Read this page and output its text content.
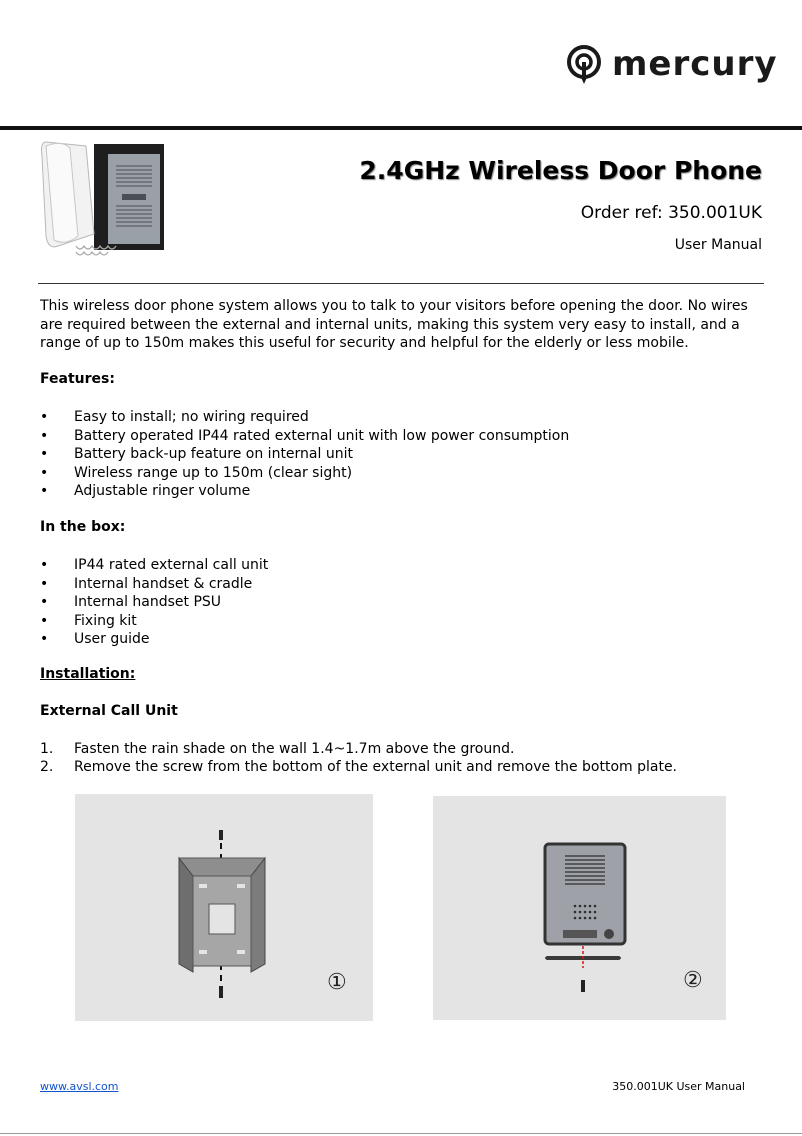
mercury
2.4GHz Wireless Door Phone
Order ref: 350.001UK
User Manual
This wireless door phone system allows you to talk to your visitors before opening the door. No wires are required between the external and internal units, making this system very easy to install, and a range of up to 150m makes this useful for security and helpful for the elderly or less mobile.
Features:
• Easy to install; no wiring required
• Battery operated IP44 rated external unit with low power consumption
• Battery back-up feature on internal unit
• Wireless range up to 150m (clear sight)
• Adjustable ringer volume
In the box:
• IP44 rated external call unit
• Internal handset & cradle
• Internal handset PSU
• Fixing kit
• User guide
Installation:
External Call Unit
1. Fasten the rain shade on the wall 1.4~1.7m above the ground.
2. Remove the screw from the bottom of the external unit and remove the bottom plate.
①	②
www.avsl.com	350.001UK User Manual
